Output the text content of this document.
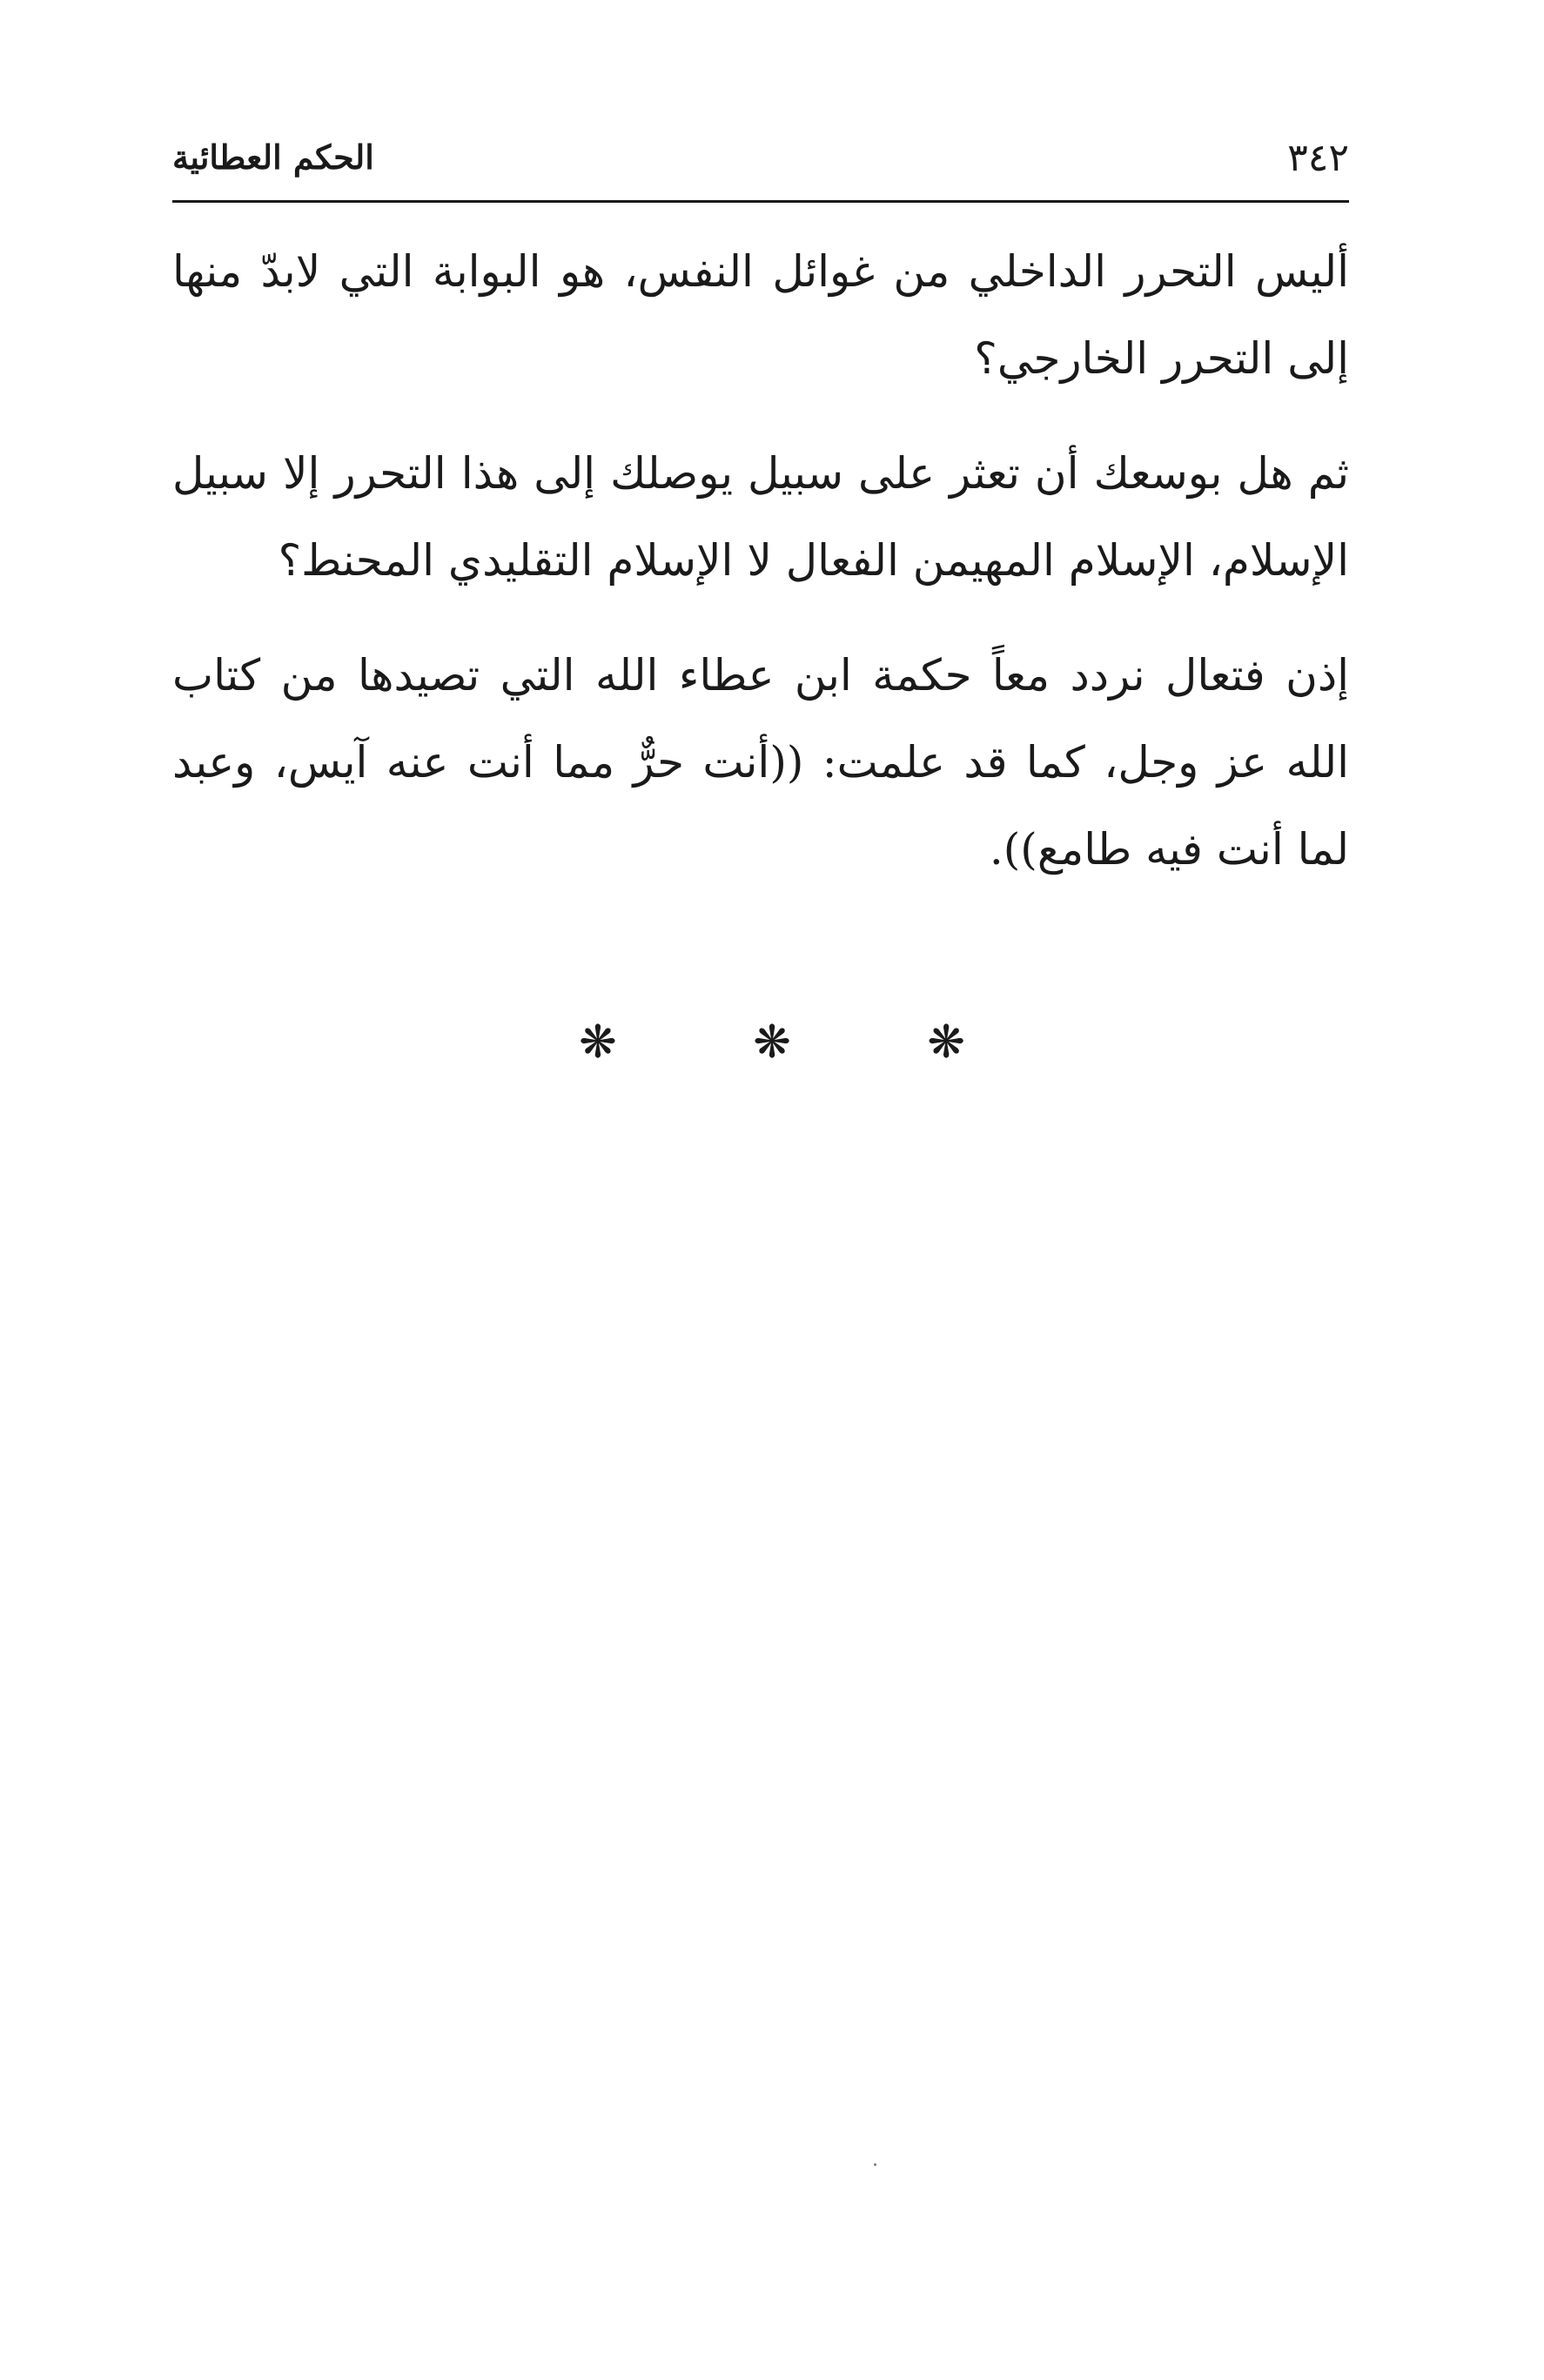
٣٤٢
الحكم العطائية

أليس التحرر الداخلي من غوائل النفس، هو البوابة التي لابدّ منها إلى التحرر الخارجي؟

ثم هل بوسعك أن تعثر على سبيل يوصلك إلى هذا التحرر إلا سبيل الإسلام، الإسلام المهيمن الفعال لا الإسلام التقليدي المحنط؟

إذن فتعال نردد معاً حكمة ابن عطاء الله التي تصيدها من كتاب الله عز وجل، كما قد علمت: ((أنت حرٌّ مما أنت عنه آيس، وعبد لما أنت فيه طامع)).

❋	❋	❋
